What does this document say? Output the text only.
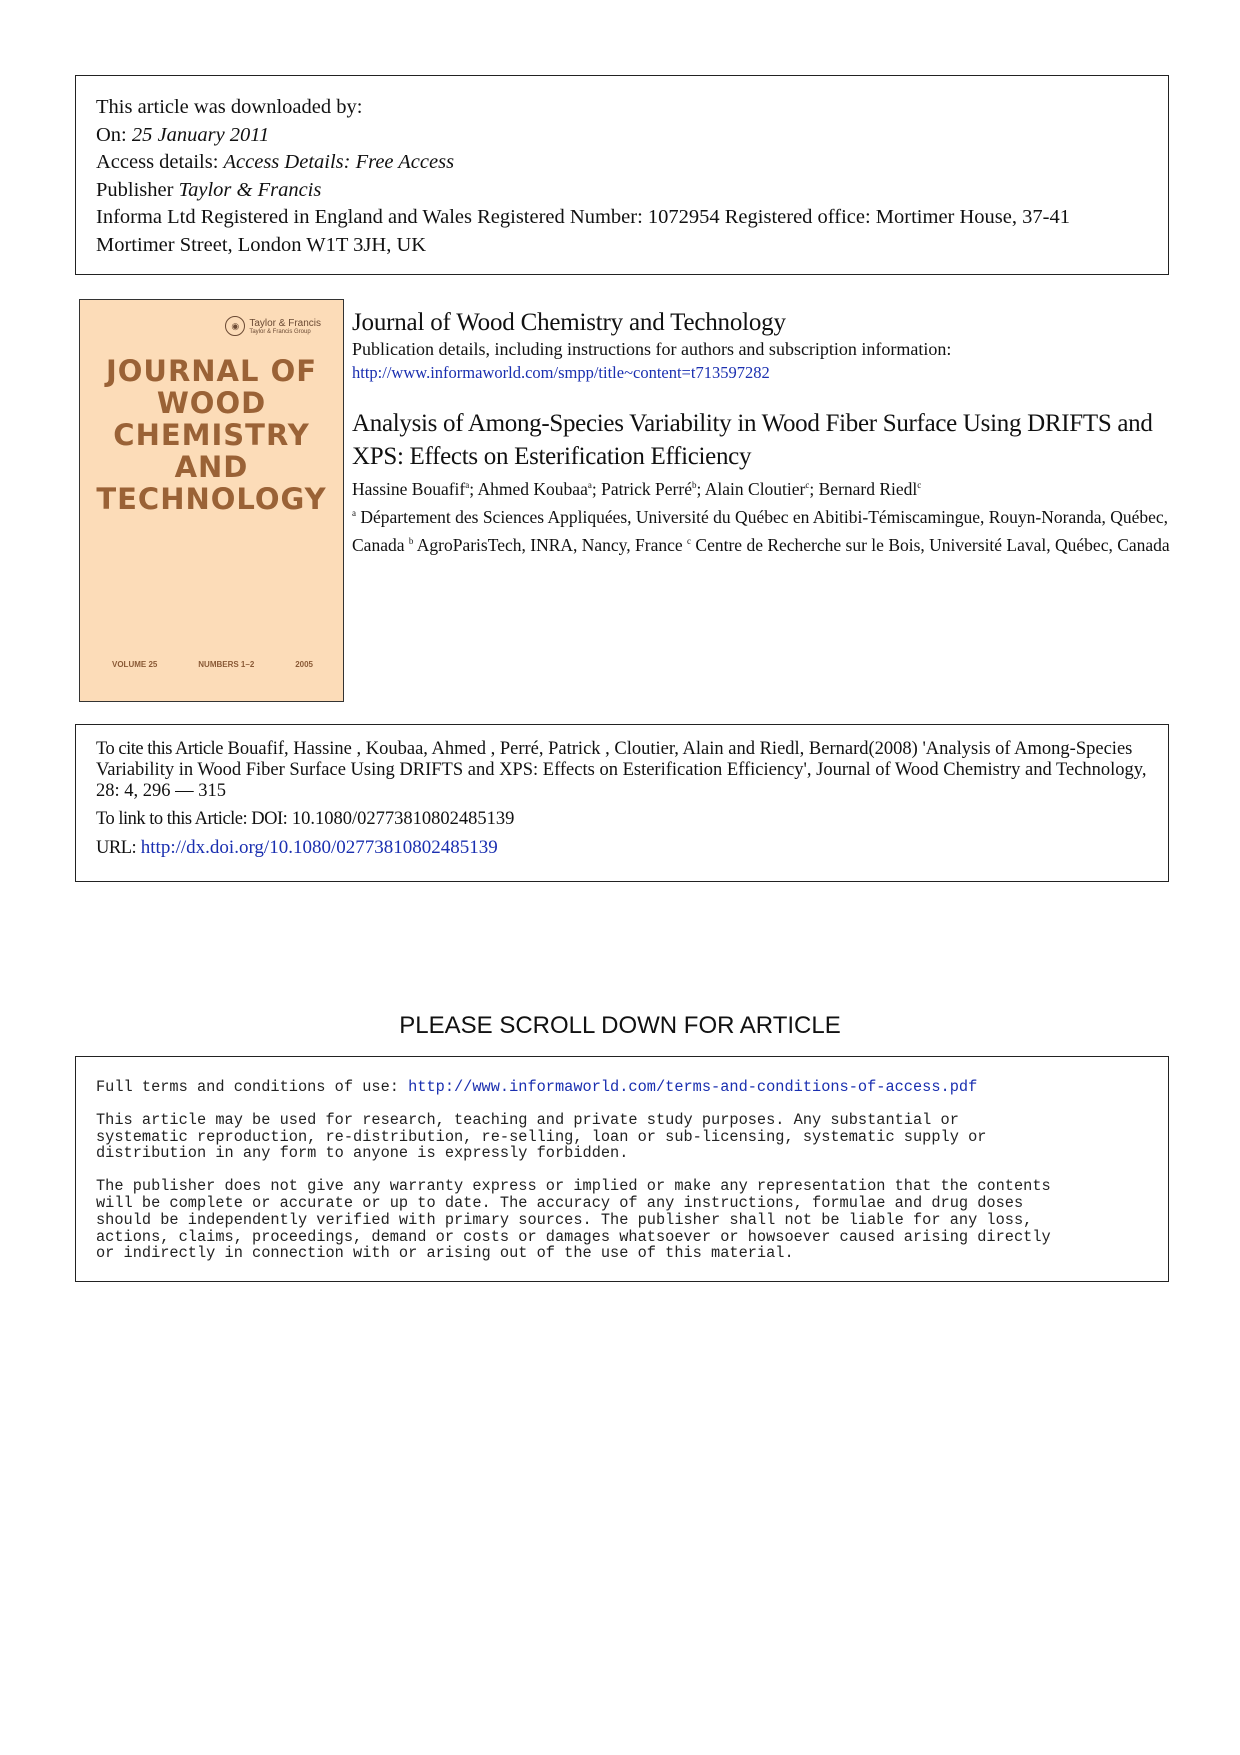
This article was downloaded by:
On: 25 January 2011
Access details: Access Details: Free Access
Publisher Taylor & Francis
Informa Ltd Registered in England and Wales Registered Number: 1072954 Registered office: Mortimer House, 37-41 Mortimer Street, London W1T 3JH, UK
◉	Taylor & Francis
Taylor & Francis Group
JOURNAL OF
WOOD
CHEMISTRY
AND
TECHNOLOGY
VOLUME 25	NUMBERS 1–2	2005
Journal of Wood Chemistry and Technology
Publication details, including instructions for authors and subscription information:
http://www.informaworld.com/smpp/title~content=t713597282
Analysis of Among-Species Variability in Wood Fiber Surface Using DRIFTS and XPS: Effects on Esterification Efficiency
Hassine Bouafif$^a$; Ahmed Koubaa$^a$; Patrick Perré$^b$; Alain Cloutier$^c$; Bernard Riedl$^c$
$^a$ Département des Sciences Appliquées, Université du Québec en Abitibi-Témiscamingue, Rouyn-Noranda, Québec, Canada $^b$ AgroParisTech, INRA, Nancy, France $^c$ Centre de Recherche sur le Bois, Université Laval, Québec, Canada
To cite this Article Bouafif, Hassine , Koubaa, Ahmed , Perré, Patrick , Cloutier, Alain and Riedl, Bernard(2008) 'Analysis of Among-Species Variability in Wood Fiber Surface Using DRIFTS and XPS: Effects on Esterification Efficiency', Journal of Wood Chemistry and Technology, 28: 4, 296 — 315
To link to this Article: DOI: 10.1080/02773810802485139
URL: http://dx.doi.org/10.1080/02773810802485139
PLEASE SCROLL DOWN FOR ARTICLE

Full terms and conditions of use: http://www.informaworld.com/terms-and-conditions-of-access.pdf

This article may be used for research, teaching and private study purposes. Any substantial or
systematic reproduction, re-distribution, re-selling, loan or sub-licensing, systematic supply or
distribution in any form to anyone is expressly forbidden.

The publisher does not give any warranty express or implied or make any representation that the contents
will be complete or accurate or up to date. The accuracy of any instructions, formulae and drug doses
should be independently verified with primary sources. The publisher shall not be liable for any loss,
actions, claims, proceedings, demand or costs or damages whatsoever or howsoever caused arising directly
or indirectly in connection with or arising out of the use of this material.
